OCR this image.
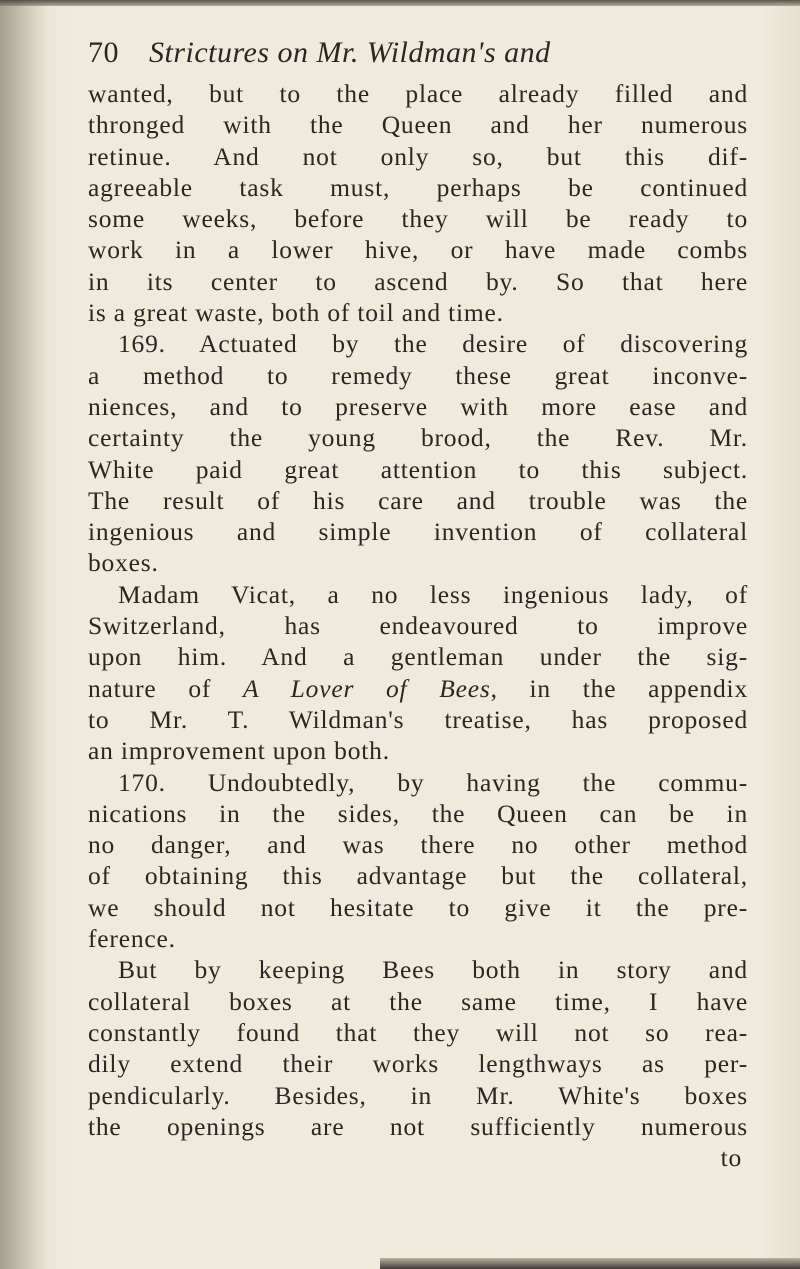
70 Strictures on Mr. Wildman's and
wanted, but to the place already filled and
thronged with the Queen and her numerous
retinue. And not only so, but this dif-
agreeable task must, perhaps be continued
some weeks, before they will be ready to
work in a lower hive, or have made combs
in its center to ascend by. So that here
is a great waste, both of toil and time.
169. Actuated by the desire of discovering
a method to remedy these great inconve-
niences, and to preserve with more ease and
certainty the young brood, the Rev. Mr.
White paid great attention to this subject.
The result of his care and trouble was the
ingenious and simple invention of collateral
boxes.
Madam Vicat, a no less ingenious lady, of
Switzerland, has endeavoured to improve
upon him. And a gentleman under the sig-
nature of A Lover of Bees, in the appendix
to Mr. T. Wildman's treatise, has proposed
an improvement upon both.
170. Undoubtedly, by having the commu-
nications in the sides, the Queen can be in
no danger, and was there no other method
of obtaining this advantage but the collateral,
we should not hesitate to give it the pre-
ference.
But by keeping Bees both in story and
collateral boxes at the same time, I have
constantly found that they will not so rea-
dily extend their works lengthways as per-
pendicularly. Besides, in Mr. White's boxes
the openings are not sufficiently numerous
to
